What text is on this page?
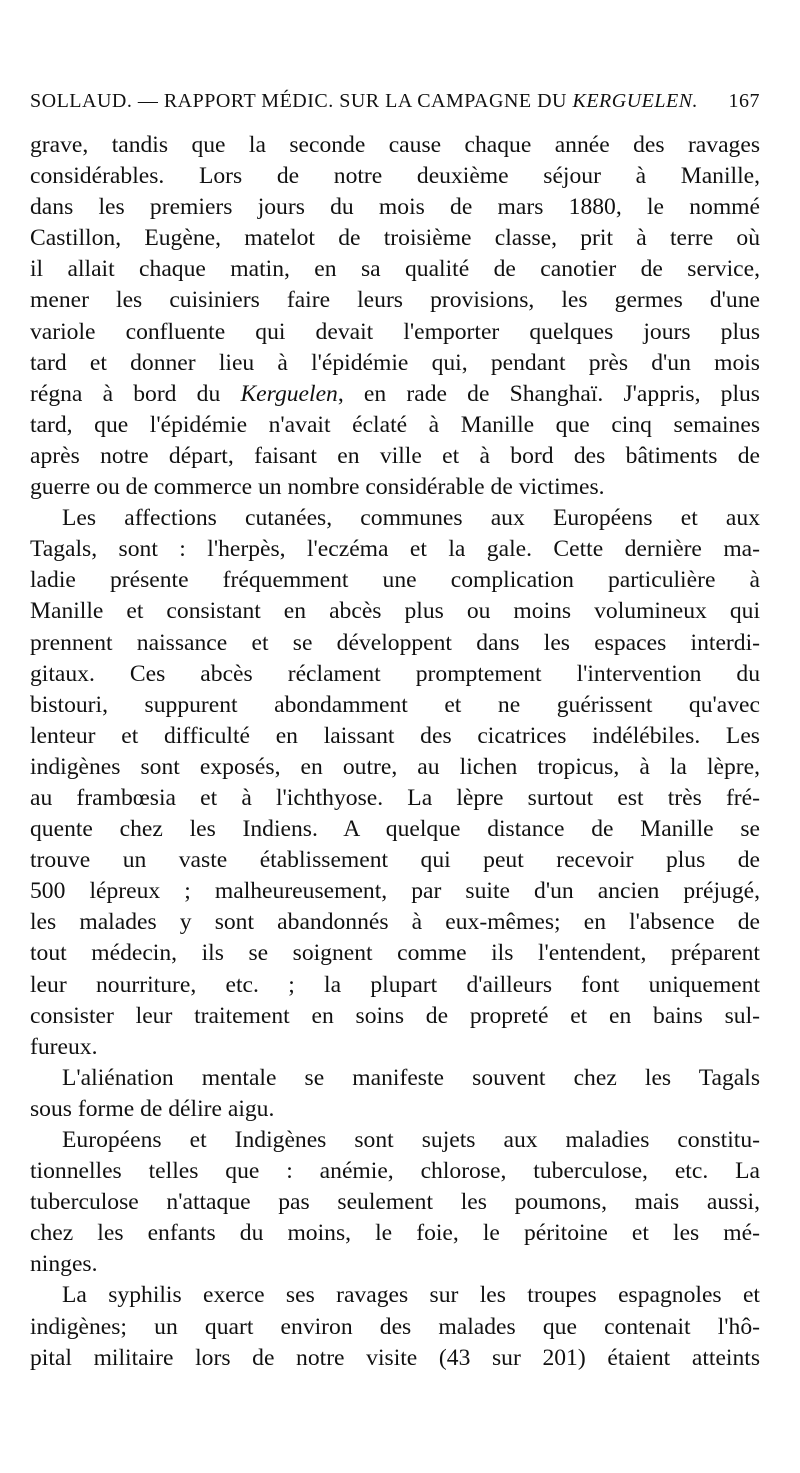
SOLLAUD. — RAPPORT MÉDIC. SUR LA CAMPAGNE DU KERGUELEN. 167

grave, tandis que la seconde cause chaque année des ravages
considérables. Lors de notre deuxième séjour à Manille,
dans les premiers jours du mois de mars 1880, le nommé
Castillon, Eugène, matelot de troisième classe, prit à terre où
il allait chaque matin, en sa qualité de canotier de service,
mener les cuisiniers faire leurs provisions, les germes d'une
variole confluente qui devait l'emporter quelques jours plus
tard et donner lieu à l'épidémie qui, pendant près d'un mois
régna à bord du Kerguelen, en rade de Shanghaï. J'appris, plus
tard, que l'épidémie n'avait éclaté à Manille que cinq semaines
après notre départ, faisant en ville et à bord des bâtiments de
guerre ou de commerce un nombre considérable de victimes.

Les affections cutanées, communes aux Européens et aux
Tagals, sont : l'herpès, l'eczéma et la gale. Cette dernière ma-
ladie présente fréquemment une complication particulière à
Manille et consistant en abcès plus ou moins volumineux qui
prennent naissance et se développent dans les espaces interdi-
gitaux. Ces abcès réclament promptement l'intervention du
bistouri, suppurent abondamment et ne guérissent qu'avec
lenteur et difficulté en laissant des cicatrices indélébiles. Les
indigènes sont exposés, en outre, au lichen tropicus, à la lèpre,
au frambœsia et à l'ichthyose. La lèpre surtout est très fré-
quente chez les Indiens. A quelque distance de Manille se
trouve un vaste établissement qui peut recevoir plus de
500 lépreux ; malheureusement, par suite d'un ancien préjugé,
les malades y sont abandonnés à eux-mêmes; en l'absence de
tout médecin, ils se soignent comme ils l'entendent, préparent
leur nourriture, etc. ; la plupart d'ailleurs font uniquement
consister leur traitement en soins de propreté et en bains sul-
fureux.

L'aliénation mentale se manifeste souvent chez les Tagals
sous forme de délire aigu.

Européens et Indigènes sont sujets aux maladies constitu-
tionnelles telles que : anémie, chlorose, tuberculose, etc. La
tuberculose n'attaque pas seulement les poumons, mais aussi,
chez les enfants du moins, le foie, le péritoine et les mé-
ninges.

La syphilis exerce ses ravages sur les troupes espagnoles et
indigènes; un quart environ des malades que contenait l'hô-
pital militaire lors de notre visite (43 sur 201) étaient atteints
